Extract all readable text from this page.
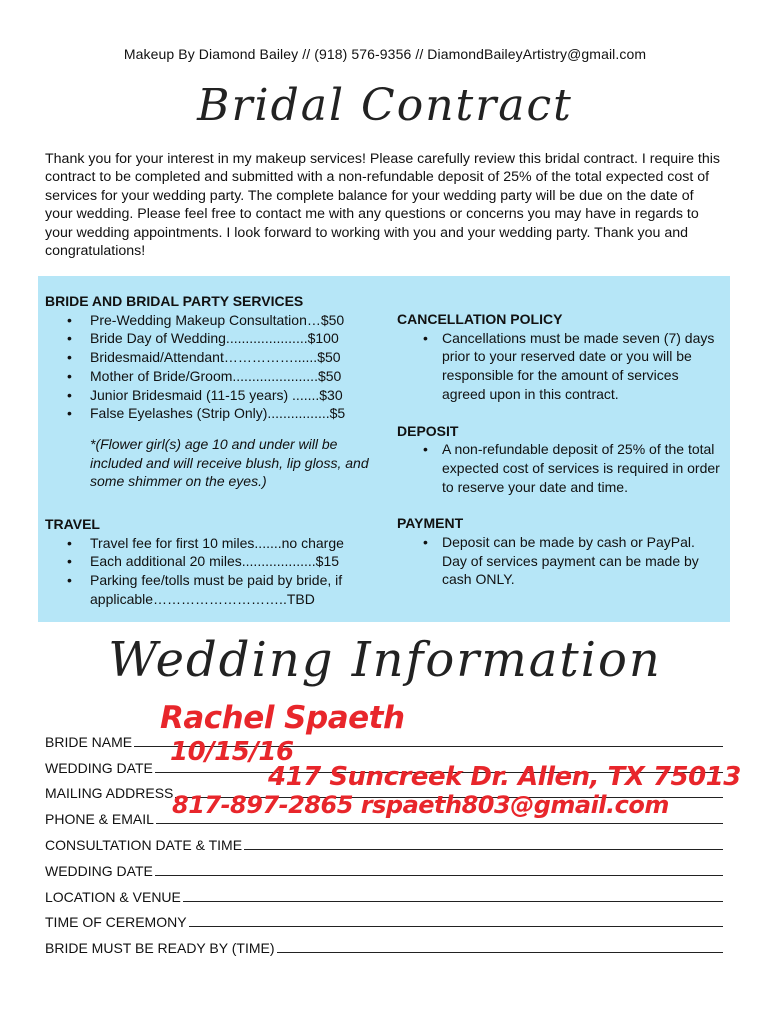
Makeup By Diamond Bailey // (918) 576-9356 // DiamondBaileyArtistry@gmail.com
Bridal Contract

Thank you for your interest in my makeup services! Please carefully review this bridal contract. I require this contract to be completed and submitted with a non-refundable deposit of 25% of the total expected cost of services for your wedding party. The complete balance for your wedding party will be due on the date of your wedding. Please feel free to contact me with any questions or concerns you may have in regards to your wedding appointments. I look forward to working with you and your wedding party. Thank you and congratulations!

BRIDE AND BRIDAL PARTY SERVICES

• Pre-Wedding Makeup Consultation…$50
• Bride Day of Wedding.....................$100
• Bridesmaid/Attendant……………......$50
• Mother of Bride/Groom......................$50
• Junior Bridesmaid (11-15 years) .......$30
• False Eyelashes (Strip Only)................$5

*(Flower girl(s) age 10 and under will be included and will receive blush, lip gloss, and some shimmer on the eyes.)

TRAVEL

• Travel fee for first 10 miles.......no charge
• Each additional 20 miles...................$15
• Parking fee/tolls must be paid by bride, if applicable………………………..TBD

CANCELLATION POLICY

• Cancellations must be made seven (7) days prior to your reserved date or you will be responsible for the amount of services agreed upon in this contract.

DEPOSIT

• A non-refundable deposit of 25% of the total expected cost of services is required in order to reserve your date and time.

PAYMENT

• Deposit can be made by cash or PayPal. Day of services payment can be made by cash ONLY.
Wedding Information
BRIDE NAME
WEDDING DATE
MAILING ADDRESS
PHONE & EMAIL
CONSULTATION DATE & TIME
WEDDING DATE
LOCATION & VENUE
TIME OF CEREMONY
BRIDE MUST BE READY BY (TIME)
Rachel Spaeth
10/15/16
417 Suncreek Dr. Allen, TX 75013
817-897-2865 rspaeth803@gmail.com
